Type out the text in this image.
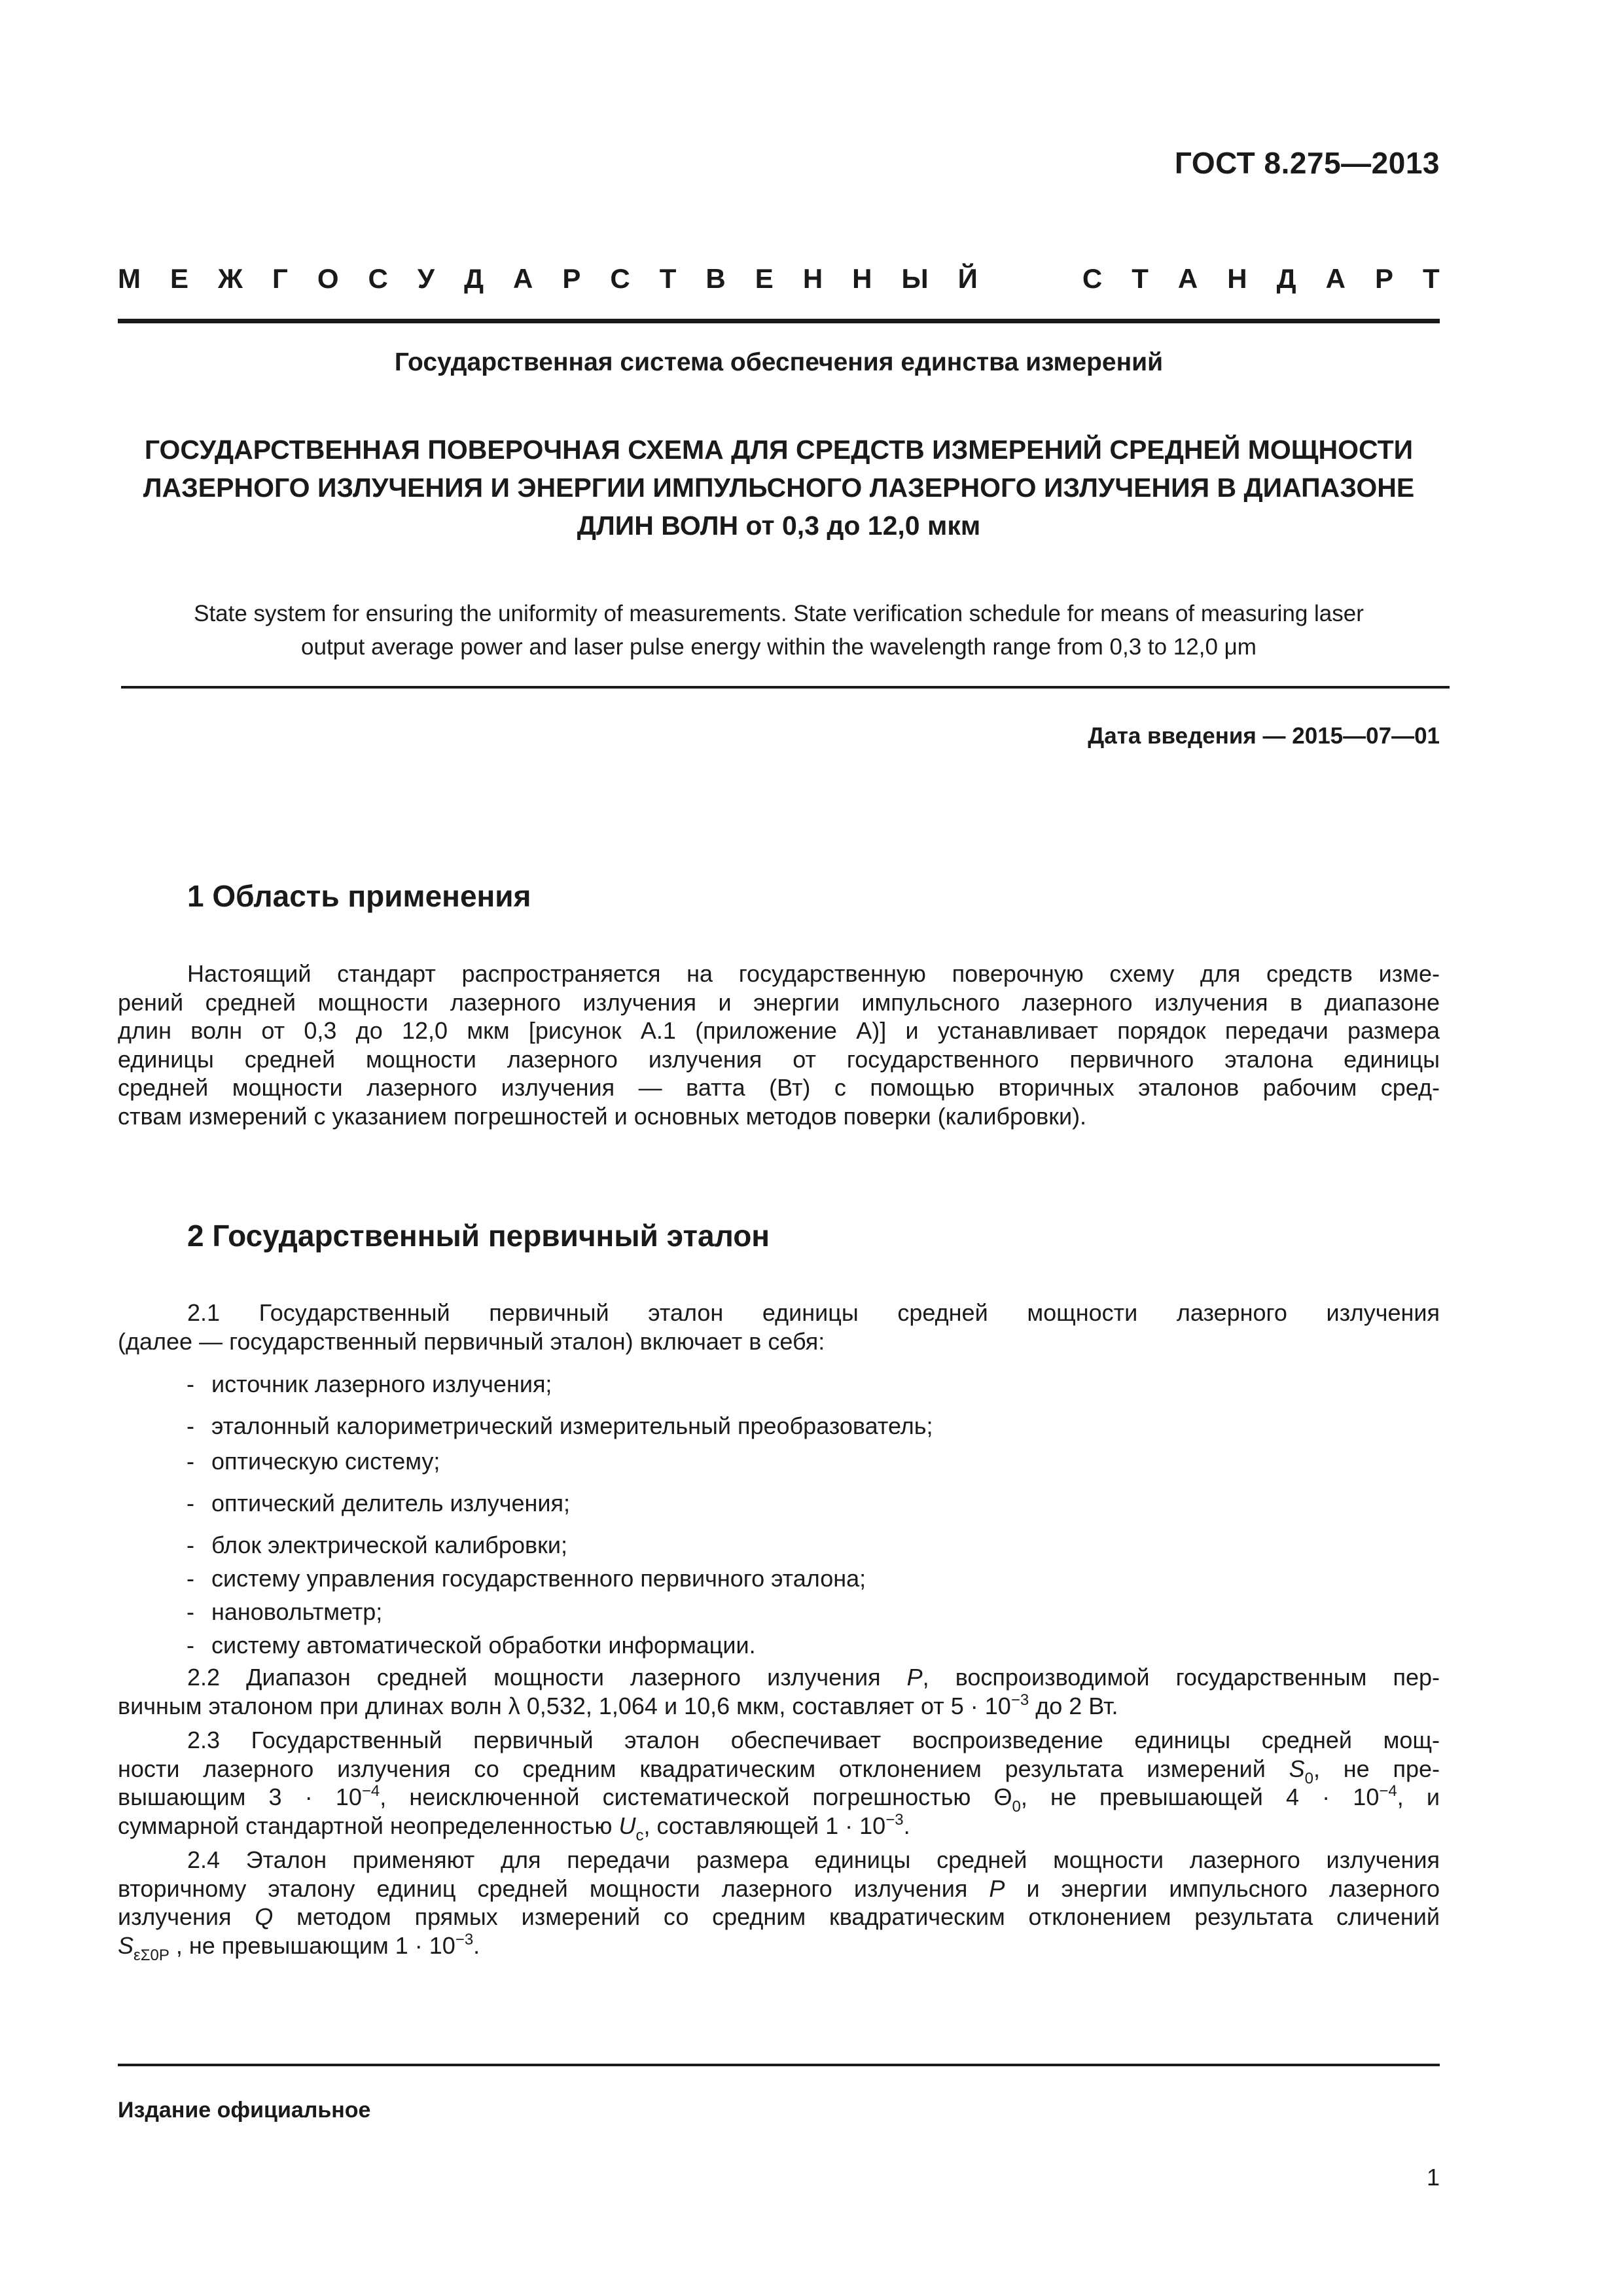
ГОСТ 8.275—2013
М Е Ж Г О С У Д А Р С Т В Е Н Н Ы Й	С Т А Н Д А Р Т
Государственная система обеспечения единства измерений
ГОСУДАРСТВЕННАЯ ПОВЕРОЧНАЯ СХЕМА ДЛЯ СРЕДСТВ ИЗМЕРЕНИЙ СРЕДНЕЙ МОЩНОСТИ
ЛАЗЕРНОГО ИЗЛУЧЕНИЯ И ЭНЕРГИИ ИМПУЛЬСНОГО ЛАЗЕРНОГО ИЗЛУЧЕНИЯ В ДИАПАЗОНЕ
ДЛИН ВОЛН от 0,3 до 12,0 мкм
State system for ensuring the uniformity of measurements. State verification schedule for means of measuring laser
output average power and laser pulse energy within the wavelength range from 0,3 to 12,0 μm
Дата введения — 2015—07—01
1 Область применения
Настоящий стандарт распространяется на государственную поверочную схему для средств изме-
рений средней мощности лазерного излучения и энергии импульсного лазерного излучения в диапазоне
длин волн от 0,3 до 12,0 мкм [рисунок А.1 (приложение А)] и устанавливает порядок передачи размера
единицы средней мощности лазерного излучения от государственного первичного эталона единицы
средней мощности лазерного излучения — ватта (Вт) с помощью вторичных эталонов рабочим сред-
ствам измерений с указанием погрешностей и основных методов поверки (калибровки).
2 Государственный первичный эталон
2.1 Государственный первичный эталон единицы средней мощности лазерного излучения
(далее — государственный первичный эталон) включает в себя:
- источник лазерного излучения;
- эталонный калориметрический измерительный преобразователь;
- оптическую систему;
- оптический делитель излучения;
- блок электрической калибровки;
- систему управления государственного первичного эталона;
- нановольтметр;
- систему автоматической обработки информации.
2.2 Диапазон средней мощности лазерного излучения P, воспроизводимой государственным пер-
вичным эталоном при длинах волн λ 0,532, 1,064 и 10,6 мкм, составляет от $5 \cdot 10^{-3}$ до 2 Вт.
2.3 Государственный первичный эталон обеспечивает воспроизведение единицы средней мощ-
ности лазерного излучения со средним квадратическим отклонением результата измерений $S_0$, не пре-
вышающим $3 \cdot 10^{-4}$, неисключенной систематической погрешностью $\Theta_0$, не превышающей $4 \cdot 10^{-4}$, и
суммарной стандартной неопределенностью $U_c$, составляющей $1 \cdot 10^{-3}$.
2.4 Эталон применяют для передачи размера единицы средней мощности лазерного излучения
вторичному эталону единиц средней мощности лазерного излучения P и энергии импульсного лазерного
излучения Q методом прямых измерений со средним квадратическим отклонением результата сличений
$S_{\varepsilon\Sigma 0P}$ , не превышающим $1 \cdot 10^{-3}$.
Издание официальное
1
